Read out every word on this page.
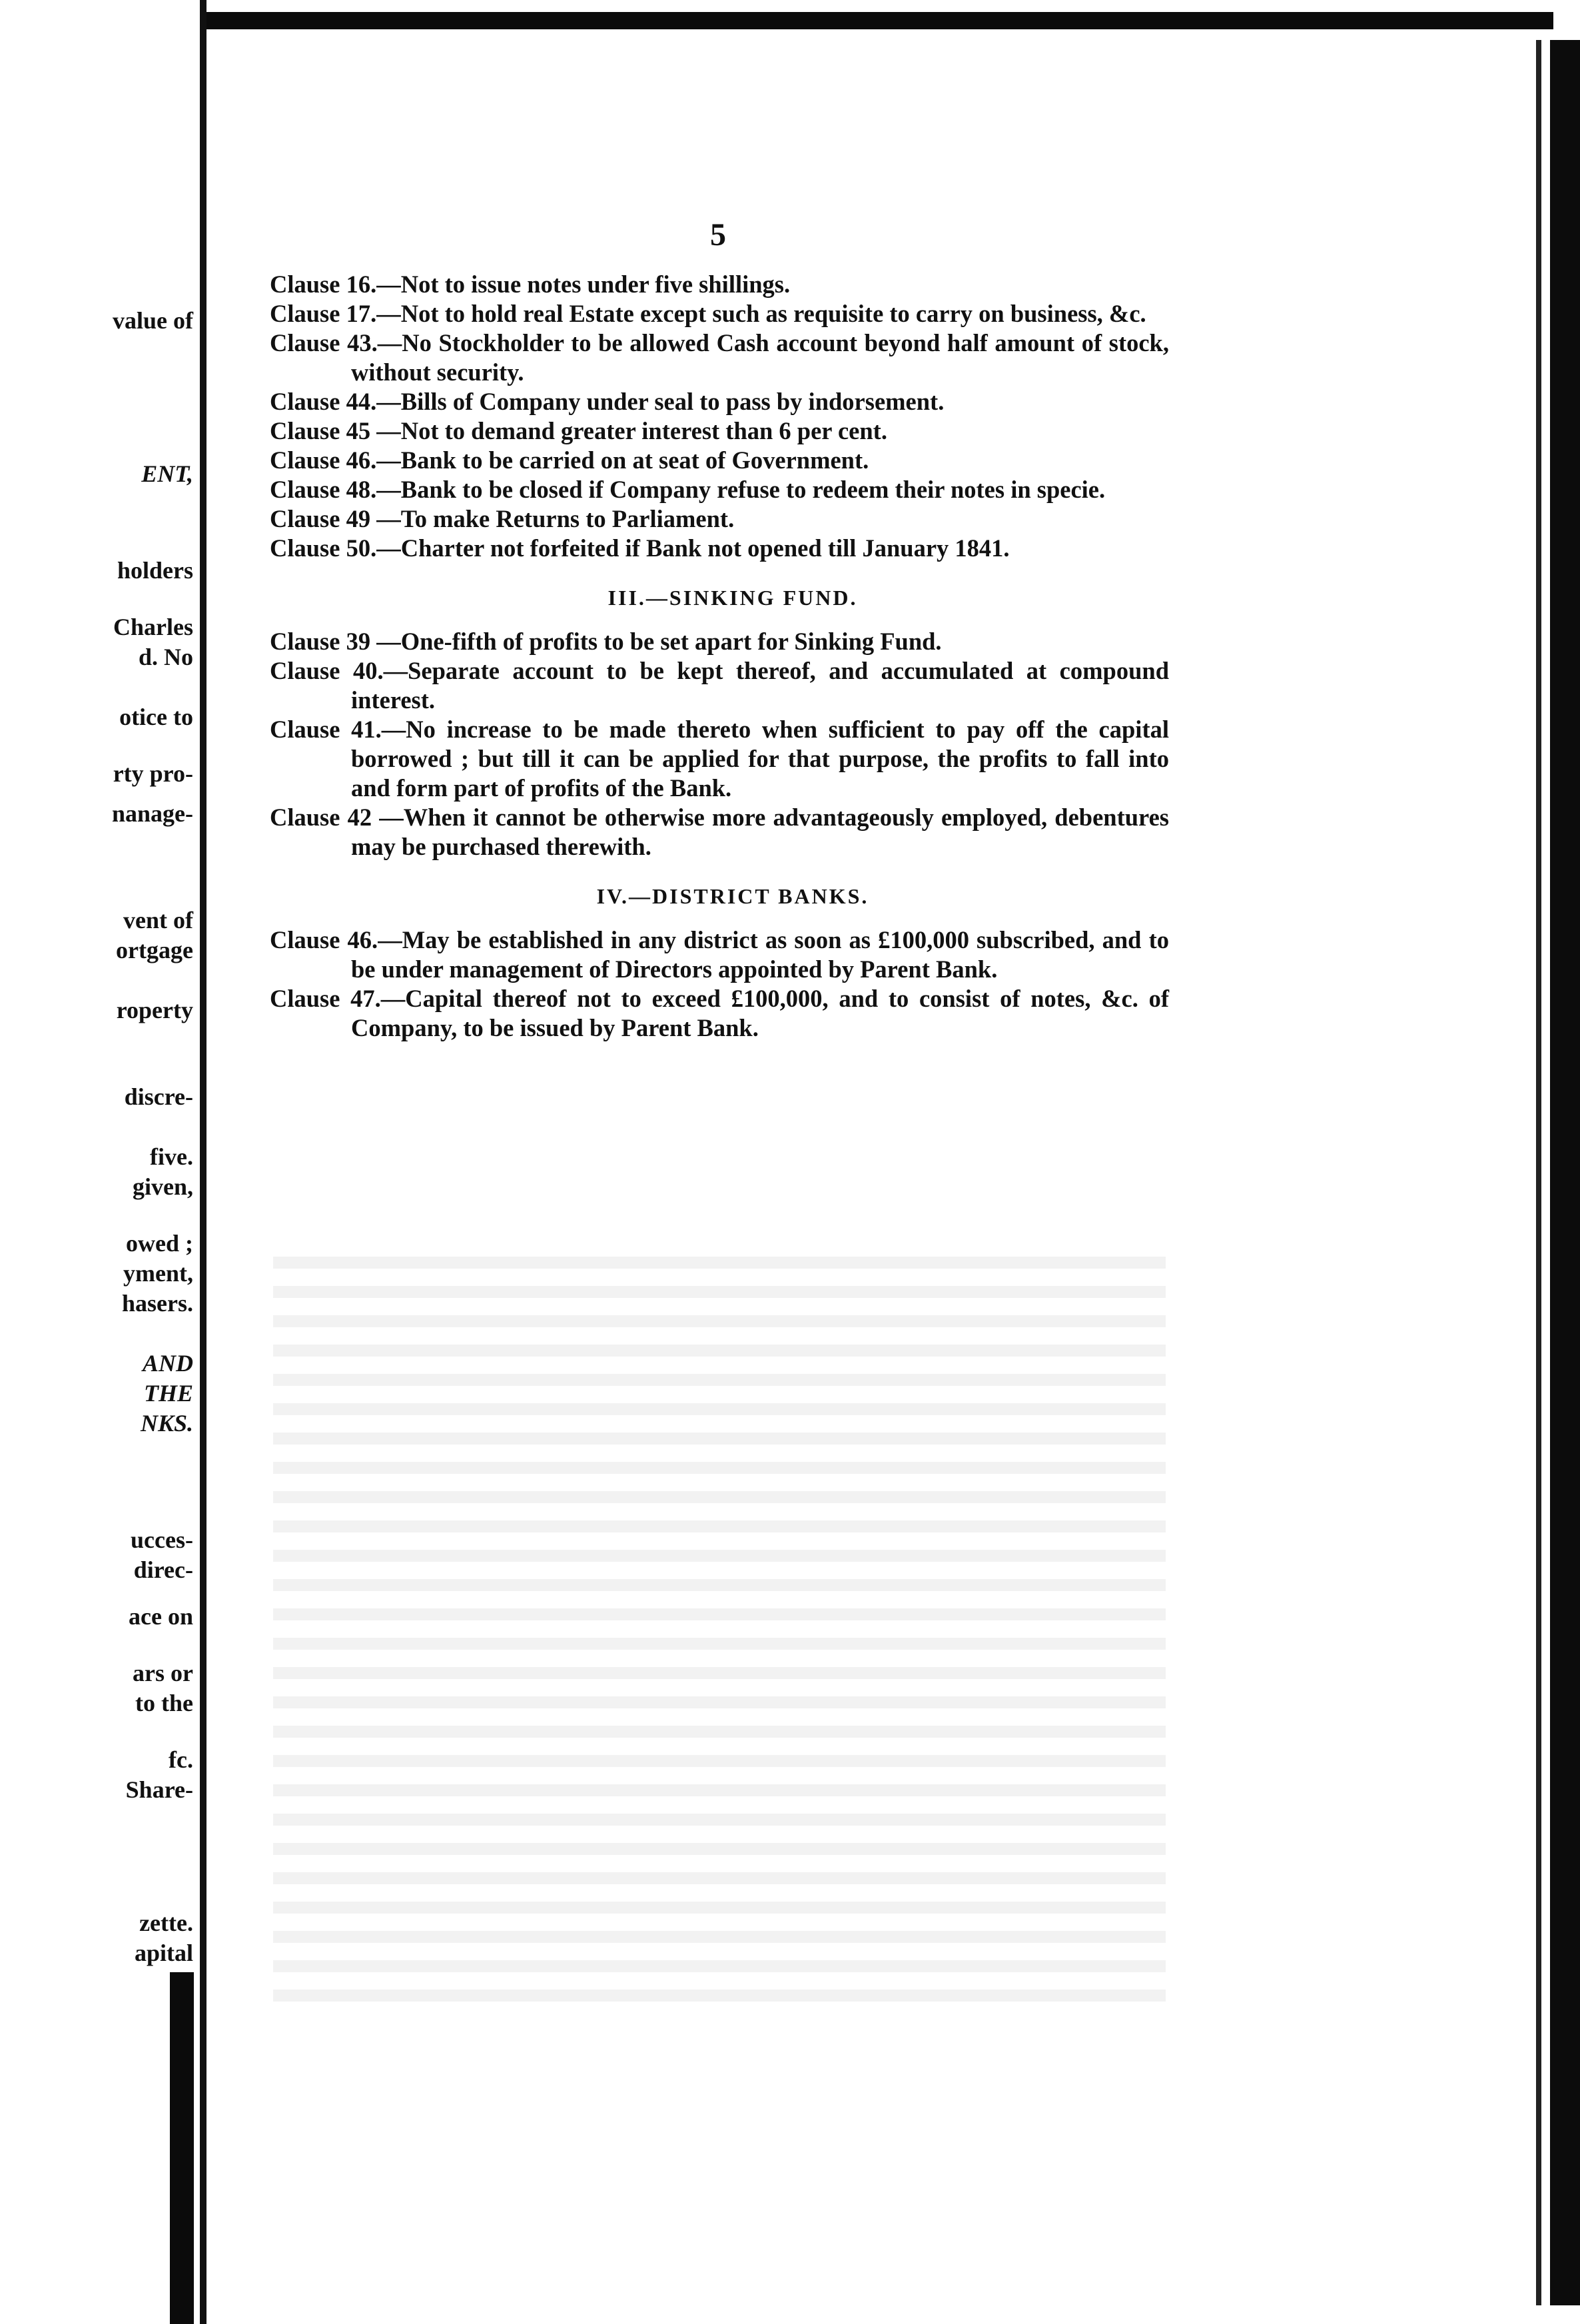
value of
ENT,
holders
Charles
d. No
otice to
rty pro-
nanage-
vent of
ortgage
roperty
discre-
five.
given,
owed ;
yment,
hasers.
AND
THE
NKS.
ucces-
direc-
ace on
ars or
to the
fc.
Share-
zette.
apital
5
Clause 16.—Not to issue notes under five shillings.
Clause 17.—Not to hold real Estate except such as requisite to carry on business, &c.
Clause 43.—No Stockholder to be allowed Cash account beyond half amount of stock, without security.
Clause 44.—Bills of Company under seal to pass by indorsement.
Clause 45 —Not to demand greater interest than 6 per cent.
Clause 46.—Bank to be carried on at seat of Government.
Clause 48.—Bank to be closed if Company refuse to redeem their notes in specie.
Clause 49 —To make Returns to Parliament.
Clause 50.—Charter not forfeited if Bank not opened till January 1841.
III.—SINKING FUND.
Clause 39 —One-fifth of profits to be set apart for Sinking Fund.
Clause 40.—Separate account to be kept thereof, and accumulated at compound interest.
Clause 41.—No increase to be made thereto when sufficient to pay off the capital borrowed ; but till it can be applied for that purpose, the profits to fall into and form part of profits of the Bank.
Clause 42 —When it cannot be otherwise more advantageously employed, debentures may be purchased therewith.
IV.—DISTRICT BANKS.
Clause 46.—May be established in any district as soon as £100,000 subscribed, and to be under management of Directors appointed by Parent Bank.
Clause 47.—Capital thereof not to exceed £100,000, and to consist of notes, &c. of Company, to be issued by Parent Bank.
